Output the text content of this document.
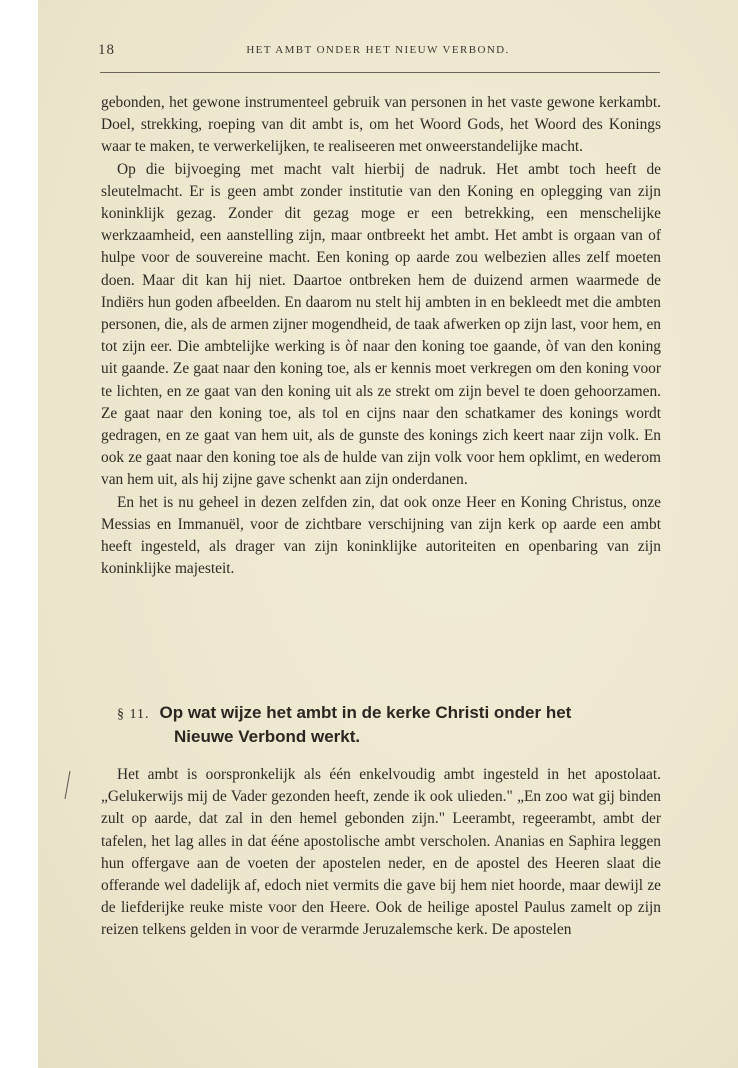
18	HET AMBT ONDER HET NIEUW VERBOND.

gebonden, het gewone instrumenteel gebruik van personen in het vaste gewone kerkambt. Doel, strekking, roeping van dit ambt is, om het Woord Gods, het Woord des Konings waar te maken, te verwerkelijken, te realiseeren met onweerstandelijke macht.

Op die bijvoeging met macht valt hierbij de nadruk. Het ambt toch heeft de sleutelmacht. Er is geen ambt zonder institutie van den Koning en oplegging van zijn koninklijk gezag. Zonder dit gezag moge er een betrekking, een menschelijke werkzaamheid, een aanstelling zijn, maar ontbreekt het ambt. Het ambt is orgaan van of hulpe voor de souvereine macht. Een koning op aarde zou welbezien alles zelf moeten doen. Maar dit kan hij niet. Daartoe ontbreken hem de duizend armen waarmede de Indiërs hun goden afbeelden. En daarom nu stelt hij ambten in en bekleedt met die ambten personen, die, als de armen zijner mogendheid, de taak afwerken op zijn last, voor hem, en tot zijn eer. Die ambtelijke werking is òf naar den koning toe gaande, òf van den koning uit gaande. Ze gaat naar den koning toe, als er kennis moet verkregen om den koning voor te lichten, en ze gaat van den koning uit als ze strekt om zijn bevel te doen gehoorzamen. Ze gaat naar den koning toe, als tol en cijns naar den schatkamer des konings wordt gedragen, en ze gaat van hem uit, als de gunste des konings zich keert naar zijn volk. En ook ze gaat naar den koning toe als de hulde van zijn volk voor hem opklimt, en wederom van hem uit, als hij zijne gave schenkt aan zijn onderdanen.

En het is nu geheel in dezen zelfden zin, dat ook onze Heer en Koning Christus, onze Messias en Immanuël, voor de zichtbare verschijning van zijn kerk op aarde een ambt heeft ingesteld, als drager van zijn koninklijke autoriteiten en openbaring van zijn koninklijke majesteit.

§ 11. Op wat wijze het ambt in de kerke Christi onder het
Nieuwe Verbond werkt.

Het ambt is oorspronkelijk als één enkelvoudig ambt ingesteld in het apostolaat. „Gelukerwijs mij de Vader gezonden heeft, zende ik ook ulieden." „En zoo wat gij binden zult op aarde, dat zal in den hemel gebonden zijn." Leerambt, regeerambt, ambt der tafelen, het lag alles in dat ééne apostolische ambt verscholen. Ananias en Saphira leggen hun offergave aan de voeten der apostelen neder, en de apostel des Heeren slaat die offerande wel dadelijk af, edoch niet vermits die gave bij hem niet hoorde, maar dewijl ze de liefderijke reuke miste voor den Heere. Ook de heilige apostel Paulus zamelt op zijn reizen telkens gelden in voor de verarmde Jeruzalemsche kerk. De apostelen
